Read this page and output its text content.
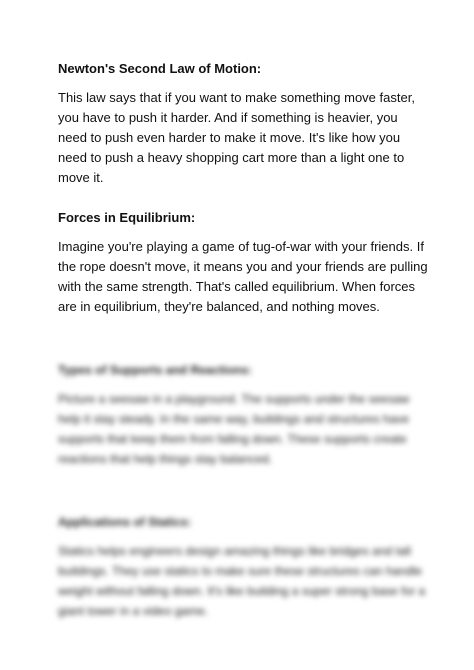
Newton's Second Law of Motion:

This law says that if you want to make something move faster, you have to push it harder. And if something is heavier, you need to push even harder to make it move. It's like how you need to push a heavy shopping cart more than a light one to move it.

Forces in Equilibrium:

Imagine you're playing a game of tug-of-war with your friends. If the rope doesn't move, it means you and your friends are pulling with the same strength. That's called equilibrium. When forces are in equilibrium, they're balanced, and nothing moves.

Types of Supports and Reactions:

Picture a seesaw in a playground. The supports under the seesaw help it stay steady. In the same way, buildings and structures have supports that keep them from falling down. These supports create reactions that help things stay balanced.

Applications of Statics:

Statics helps engineers design amazing things like bridges and tall buildings. They use statics to make sure these structures can handle weight without falling down. It's like building a super strong base for a giant tower in a video game.
